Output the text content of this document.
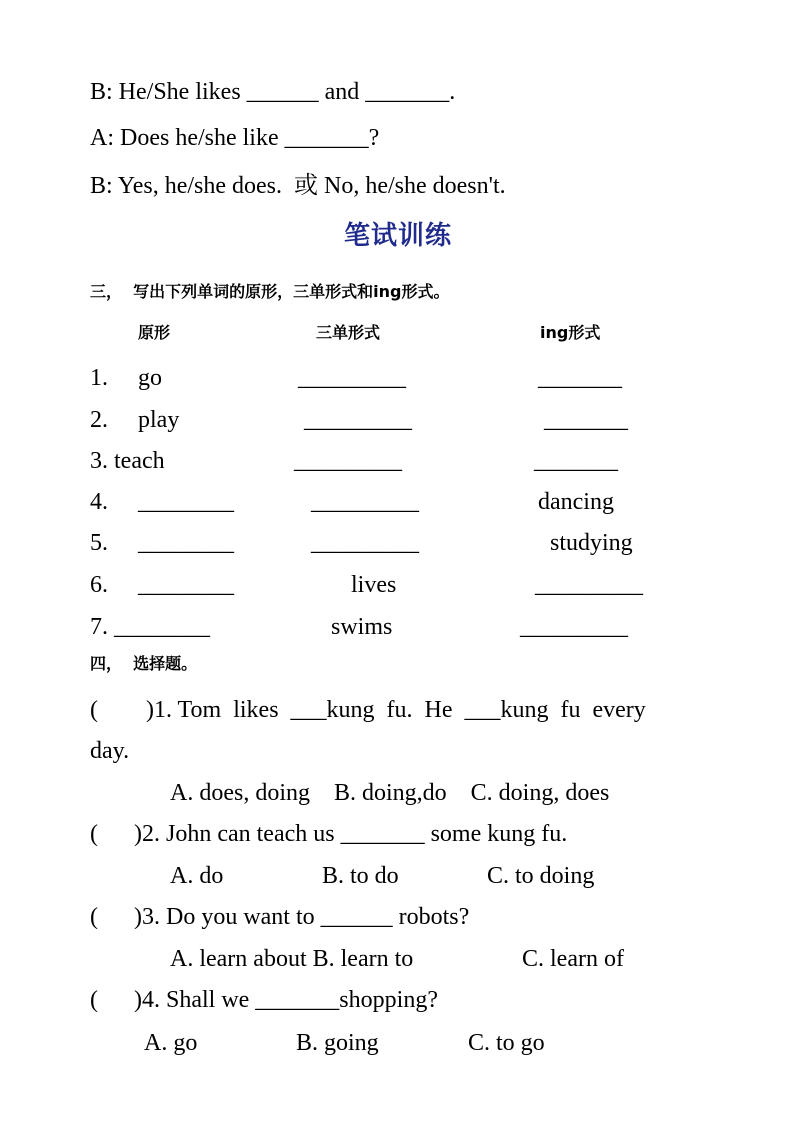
B: He/She likes ______ and _______.
A: Does he/she like _______?
B: Yes, he/she does.  或 No, he/she doesn't.
笔试训练
三，  写出下列单词的原形，三单形式和ing形式。
原形	三单形式	ing形式
1. go	_________	_______
2. play	_________	_______
3. teach	_________	_______
4. ________	_________	dancing
5. ________	_________	studying
6. ________	lives	_________
7. ________	swims	_________
四，  选择题。
(        )1. Tom  likes  ___kung  fu.  He  ___kung  fu  every
day.
A. does, doing    B. doing,do    C. doing, does
(      )2. John can teach us _______ some kung fu.
A. do	B. to do	C. to doing
(      )3. Do you want to ______ robots?
A. learn about B. learn to	C. learn of
(      )4. Shall we _______shopping?
A. go	B. going	C. to go
